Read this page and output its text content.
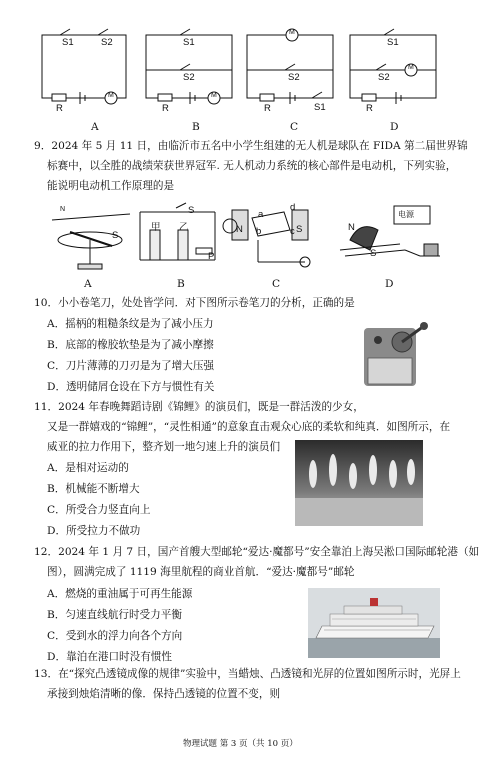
S1	S2
R
M
S1
S2
R
M
M
S2
R	S1
S1
S2
M
R
A	B	C	D
9．2024 年 5 月 11 日，由临沂市五名中小学生组建的无人机是球队在 FIDA 第二届世界锦
标赛中，以全胜的战绩荣获世界冠军. 无人机动力系统的核心部件是电动机，下列实验，
能说明电动机工作原理的是
N
S
甲 乙
S
P
a
d
N b	c S	N
S
电源
A	B	C	D
10．小小卷笔刀，处处皆学问．对下图所示卷笔刀的分析，正确的是
A．摇柄的粗糙条纹是为了减小压力
B．底部的橡胶软垫是为了减小摩擦
C．刀片薄薄的刀刃是为了增大压强
D．透明储屑仓设在下方与惯性有关
11．2024 年春晚舞蹈诗剧《锦鲤》的演员们，既是一群活泼的少女，
又是一群嬉戏的“锦鲤”，“灵性相通”的意象直击观众心底的柔软和纯真．如图所示，在
威亚的拉力作用下，整齐划一地匀速上升的演员们
A．是相对运动的
B．机械能不断增大
C．所受合力竖直向上
D．所受拉力不做功
12．2024 年 1 月 7 日，国产首艘大型邮轮“爱达·魔都号”安全靠泊上海吴淞口国际邮轮港（如
图），圆满完成了 1119 海里航程的商业首航．“爱达·魔都号”邮轮
A．燃烧的重油属于可再生能源
B．匀速直线航行时受力平衡
C．受到水的浮力向各个方向
D．靠泊在港口时没有惯性
13．在“探究凸透镜成像的规律”实验中，当蜡烛、凸透镜和光屏的位置如图所示时，光屏上
承接到烛焰清晰的像．保持凸透镜的位置不变，则
物理试题 第 3 页（共 10 页）
